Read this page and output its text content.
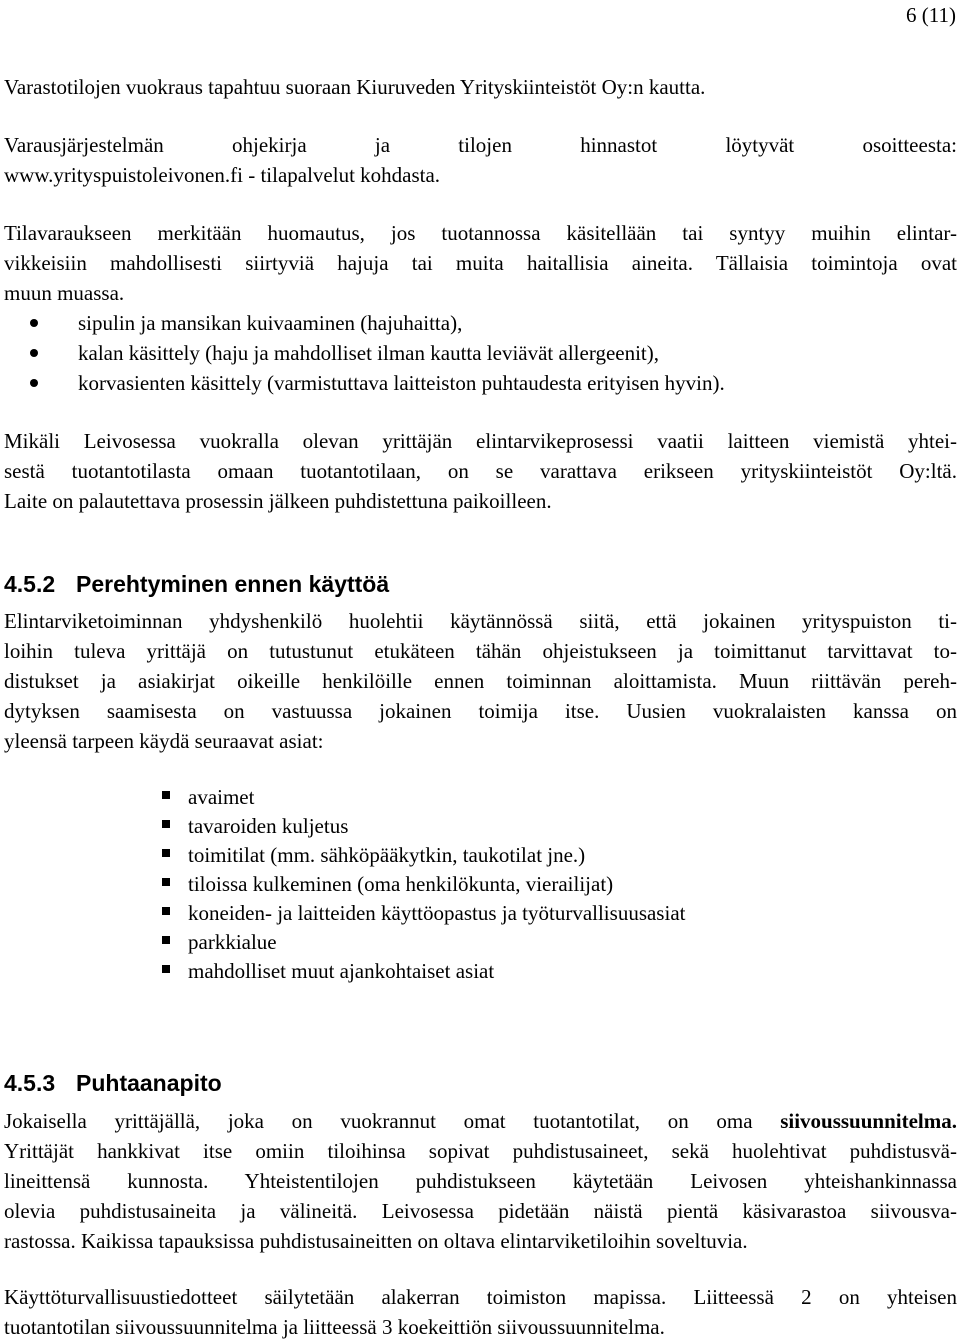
6 (11)

Varastotilojen vuokraus tapahtuu suoraan Kiuruveden Yrityskiinteistöt Oy:n kautta.

Varausjärjestelmän ohjekirja ja tilojen hinnastot löytyvät osoitteesta:
www.yrityspuistoleivonen.fi - tilapalvelut kohdasta.

Tilavaraukseen merkitään huomautus, jos tuotannossa käsitellään tai syntyy muihin elintar-
vikkeisiin mahdollisesti siirtyviä hajuja tai muita haitallisia aineita. Tällaisia toimintoja ovat
muun muassa.

sipulin ja mansikan kuivaaminen (hajuhaitta),
kalan käsittely (haju ja mahdolliset ilman kautta leviävät allergeenit),
korvasienten käsittely (varmistuttava laitteiston puhtaudesta erityisen hyvin).

Mikäli Leivosessa vuokralla olevan yrittäjän elintarvikeprosessi vaatii laitteen viemistä yhtei-
sestä tuotantotilasta omaan tuotantotilaan, on se varattava erikseen yrityskiinteistöt Oy:ltä.
Laite on palautettava prosessin jälkeen puhdistettuna paikoilleen.

4.5.2 Perehtyminen ennen käyttöä

Elintarviketoiminnan yhdyshenkilö huolehtii käytännössä siitä, että jokainen yrityspuiston ti-
loihin tuleva yrittäjä on tutustunut etukäteen tähän ohjeistukseen ja toimittanut tarvittavat to-
distukset ja asiakirjat oikeille henkilöille ennen toiminnan aloittamista. Muun riittävän pereh-
dytyksen saamisesta on vastuussa jokainen toimija itse. Uusien vuokralaisten kanssa on
yleensä tarpeen käydä seuraavat asiat:

avaimet
tavaroiden kuljetus
toimitilat (mm. sähköpääkytkin, taukotilat jne.)
tiloissa kulkeminen (oma henkilökunta, vierailijat)
koneiden- ja laitteiden käyttöopastus ja työturvallisuusasiat
parkkialue
mahdolliset muut ajankohtaiset asiat
4.5.3 Puhtaanapito

Jokaisella yrittäjällä, joka on vuokrannut omat tuotantotilat, on oma siivoussuunnitelma.
Yrittäjät hankkivat itse omiin tiloihinsa sopivat puhdistusaineet, sekä huolehtivat puhdistusvä-
lineittensä kunnosta. Yhteistentilojen puhdistukseen käytetään Leivosen yhteishankinnassa
olevia puhdistusaineita ja välineitä. Leivosessa pidetään näistä pientä käsivarastoa siivousva-
rastossa. Kaikissa tapauksissa puhdistusaineitten on oltava elintarviketiloihin soveltuvia.

Käyttöturvallisuustiedotteet säilytetään alakerran toimiston mapissa. Liitteessä 2 on yhteisen
tuotantotilan siivoussuunnitelma ja liitteessä 3 koekeittiön siivoussuunnitelma.
